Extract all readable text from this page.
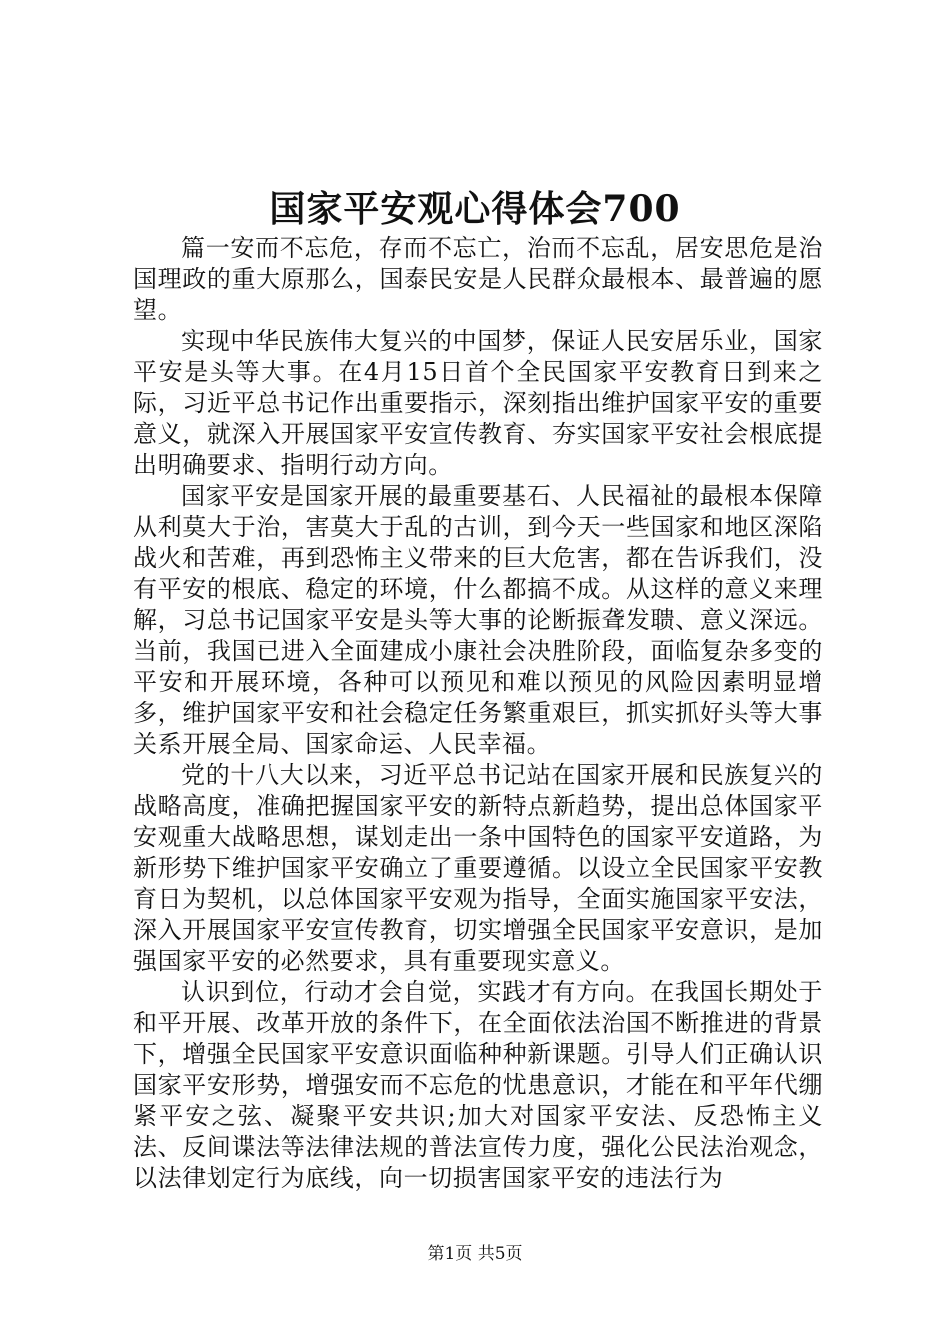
国家平安观心得体会700

篇一安而不忘危，存而不忘亡，治而不忘乱，居安思危是治国理政的重大原那么，国泰民安是人民群众最根本、最普遍的愿望。

实现中华民族伟大复兴的中国梦，保证人民安居乐业，国家平安是头等大事。在4月15日首个全民国家平安教育日到来之际，习近平总书记作出重要指示，深刻指出维护国家平安的重要意义，就深入开展国家平安宣传教育、夯实国家平安社会根底提出明确要求、指明行动方向。

国家平安是国家开展的最重要基石、人民福祉的最根本保障从利莫大于治，害莫大于乱的古训，到今天一些国家和地区深陷战火和苦难，再到恐怖主义带来的巨大危害，都在告诉我们，没有平安的根底、稳定的环境，什么都搞不成。从这样的意义来理解，习总书记国家平安是头等大事的论断振聋发聩、意义深远。当前，我国已进入全面建成小康社会决胜阶段，面临复杂多变的平安和开展环境，各种可以预见和难以预见的风险因素明显增多，维护国家平安和社会稳定任务繁重艰巨，抓实抓好头等大事关系开展全局、国家命运、人民幸福。

党的十八大以来，习近平总书记站在国家开展和民族复兴的战略高度，准确把握国家平安的新特点新趋势，提出总体国家平安观重大战略思想，谋划走出一条中国特色的国家平安道路，为新形势下维护国家平安确立了重要遵循。以设立全民国家平安教育日为契机，以总体国家平安观为指导，全面实施国家平安法，深入开展国家平安宣传教育，切实增强全民国家平安意识，是加强国家平安的必然要求，具有重要现实意义。

认识到位，行动才会自觉，实践才有方向。在我国长期处于和平开展、改革开放的条件下，在全面依法治国不断推进的背景下，增强全民国家平安意识面临种种新课题。引导人们正确认识国家平安形势，增强安而不忘危的忧患意识，才能在和平年代绷紧平安之弦、凝聚平安共识;加大对国家平安法、反恐怖主义法、反间谍法等法律法规的普法宣传力度，强化公民法治观念，以法律划定行为底线，向一切损害国家平安的违法行为

第1页 共5页
